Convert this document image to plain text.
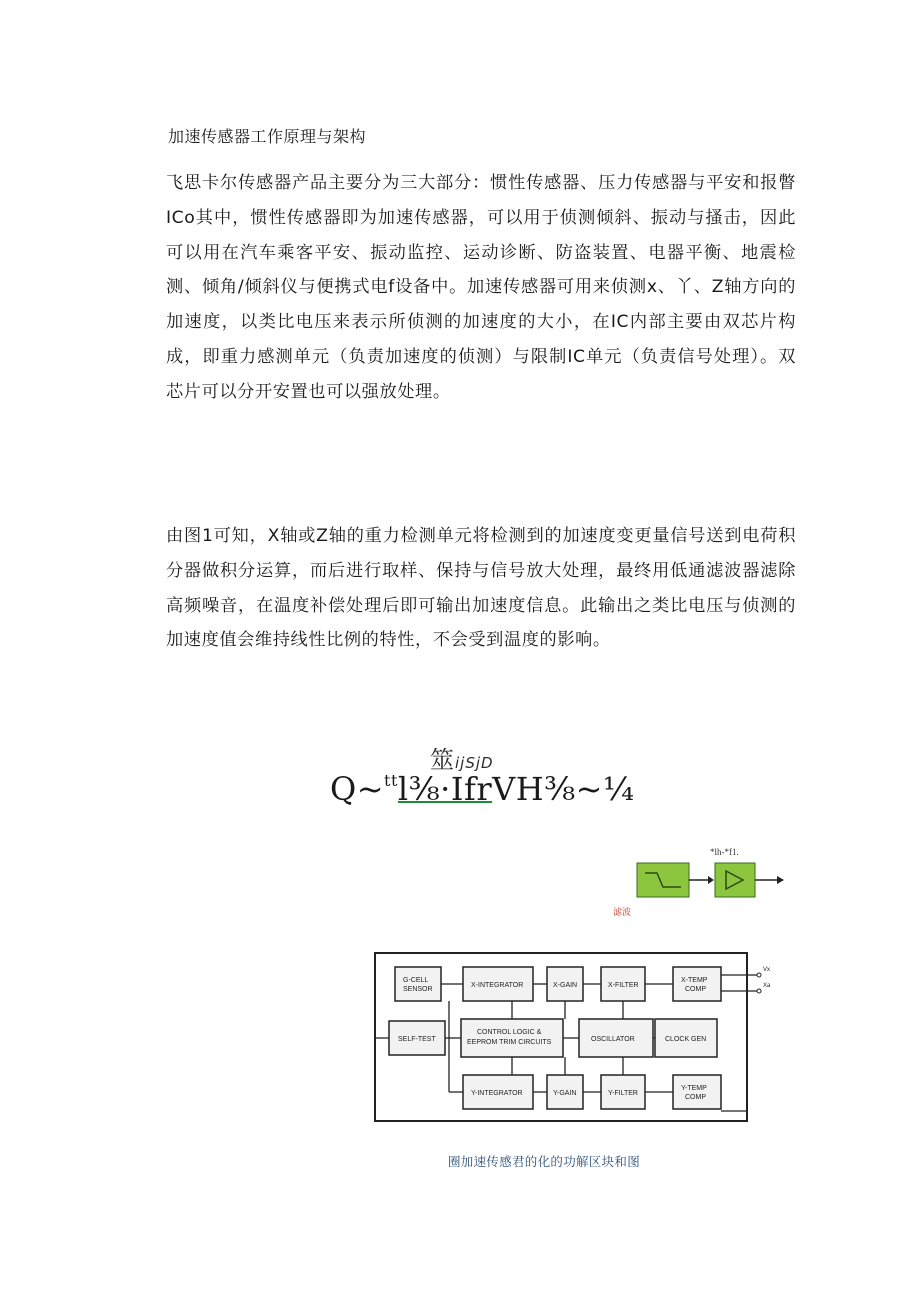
加速传感器工作原理与架构

飞思卡尔传感器产品主要分为三大部分：惯性传感器、压力传感器与平安和报瞥ICo其中，惯性传感器即为加速传感器，可以用于侦测倾斜、振动与搔击，因此可以用在汽车乘客平安、振动监控、运动诊断、防盗装置、电器平衡、地震检测、倾角/倾斜仪与便携式电f设备中。加速传感器可用来侦测x、丫、Z轴方向的加速度，以类比电压来表示所侦测的加速度的大小，在IC内部主要由双芯片构成，即重力感测单元（负责加速度的侦测）与限制IC单元（负责信号处理）。双芯片可以分开安置也可以强放处理。

由图1可知，X轴或Z轴的重力检测单元将检测到的加速度变更量信号送到电荷积分器做积分运算，而后进行取样、保持与信号放大处理，最终用低通滤波器滤除高频噪音，在温度补偿处理后即可输出加速度信息。此输出之类比电压与侦测的加速度值会维持线性比例的特性，不会受到温度的影响。

筮ijSjD
Q~$^{tt}$l⅜·IfrVH⅜~¼
*lh-*f1.
滤波
G-CELL
SENSOR
X-INTEGRATOR	X-GAIN	X-FILTER
X-TEMP
COMP
SELF-TEST
CONTROL LOGIC &
EEPROM TRIM CIRCUITS	OSCILLATOR	CLOCK GEN
Y-INTEGRATOR	Y-GAIN	Y-FILTER
Y-TEMP
COMP
Vx
Xa
圈加速传感君的化的功解区块和图
